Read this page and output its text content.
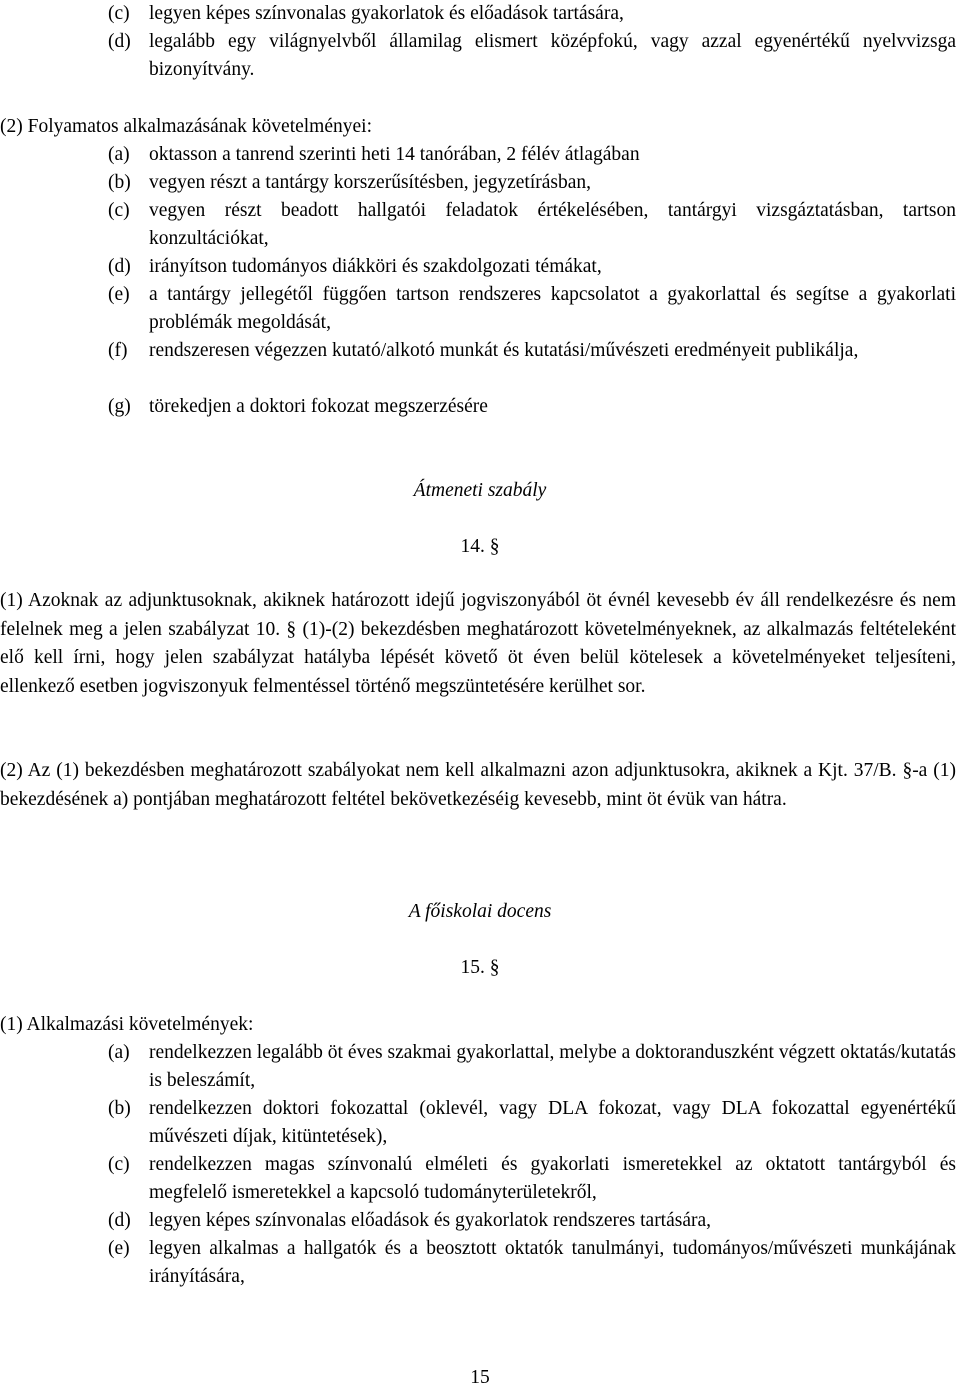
(c) legyen képes színvonalas gyakorlatok és előadások tartására,
(d) legalább egy világnyelvből államilag elismert középfokú, vagy azzal egyenértékű nyelvvizsga bizonyítvány.
(2) Folyamatos alkalmazásának követelményei:
(a) oktasson a tanrend szerinti heti 14 tanórában, 2 félév átlagában
(b) vegyen részt a tantárgy korszerűsítésben, jegyzetírásban,
(c) vegyen részt beadott hallgatói feladatok értékelésében, tantárgyi vizsgáztatásban, tartson konzultációkat,
(d) irányítson tudományos diákköri és szakdolgozati témákat,
(e) a tantárgy jellegétől függően tartson rendszeres kapcsolatot a gyakorlattal és segítse a gyakorlati problémák megoldását,
(f) rendszeresen végezzen kutató/alkotó munkát és kutatási/művészeti eredményeit publikálja,
(g) törekedjen a doktori fokozat megszerzésére
Átmeneti szabály
14. §
(1) Azoknak az adjunktusoknak, akiknek határozott idejű jogviszonyából öt évnél kevesebb év áll rendelkezésre és nem felelnek meg a jelen szabályzat 10. § (1)-(2) bekezdésben meghatározott követelményeknek, az alkalmazás feltételeként elő kell írni, hogy jelen szabályzat hatályba lépését követő öt éven belül kötelesek a követelményeket teljesíteni, ellenkező esetben jogviszonyuk felmentéssel történő megszüntetésére kerülhet sor.
(2) Az (1) bekezdésben meghatározott szabályokat nem kell alkalmazni azon adjunktusokra, akiknek a Kjt. 37/B. §-a (1) bekezdésének a) pontjában meghatározott feltétel bekövetkezéséig kevesebb, mint öt évük van hátra.
A főiskolai docens
15. §
(1) Alkalmazási követelmények:
(a) rendelkezzen legalább öt éves szakmai gyakorlattal, melybe a doktoranduszként végzett oktatás/kutatás is beleszámít,
(b) rendelkezzen doktori fokozattal (oklevél, vagy DLA fokozat, vagy DLA fokozattal egyenértékű művészeti díjak, kitüntetések),
(c) rendelkezzen magas színvonalú elméleti és gyakorlati ismeretekkel az oktatott tantárgyból és megfelelő ismeretekkel a kapcsoló tudományterületekről,
(d) legyen képes színvonalas előadások és gyakorlatok rendszeres tartására,
(e) legyen alkalmas a hallgatók és a beosztott oktatók tanulmányi, tudományos/művészeti munkájának irányítására,
15
